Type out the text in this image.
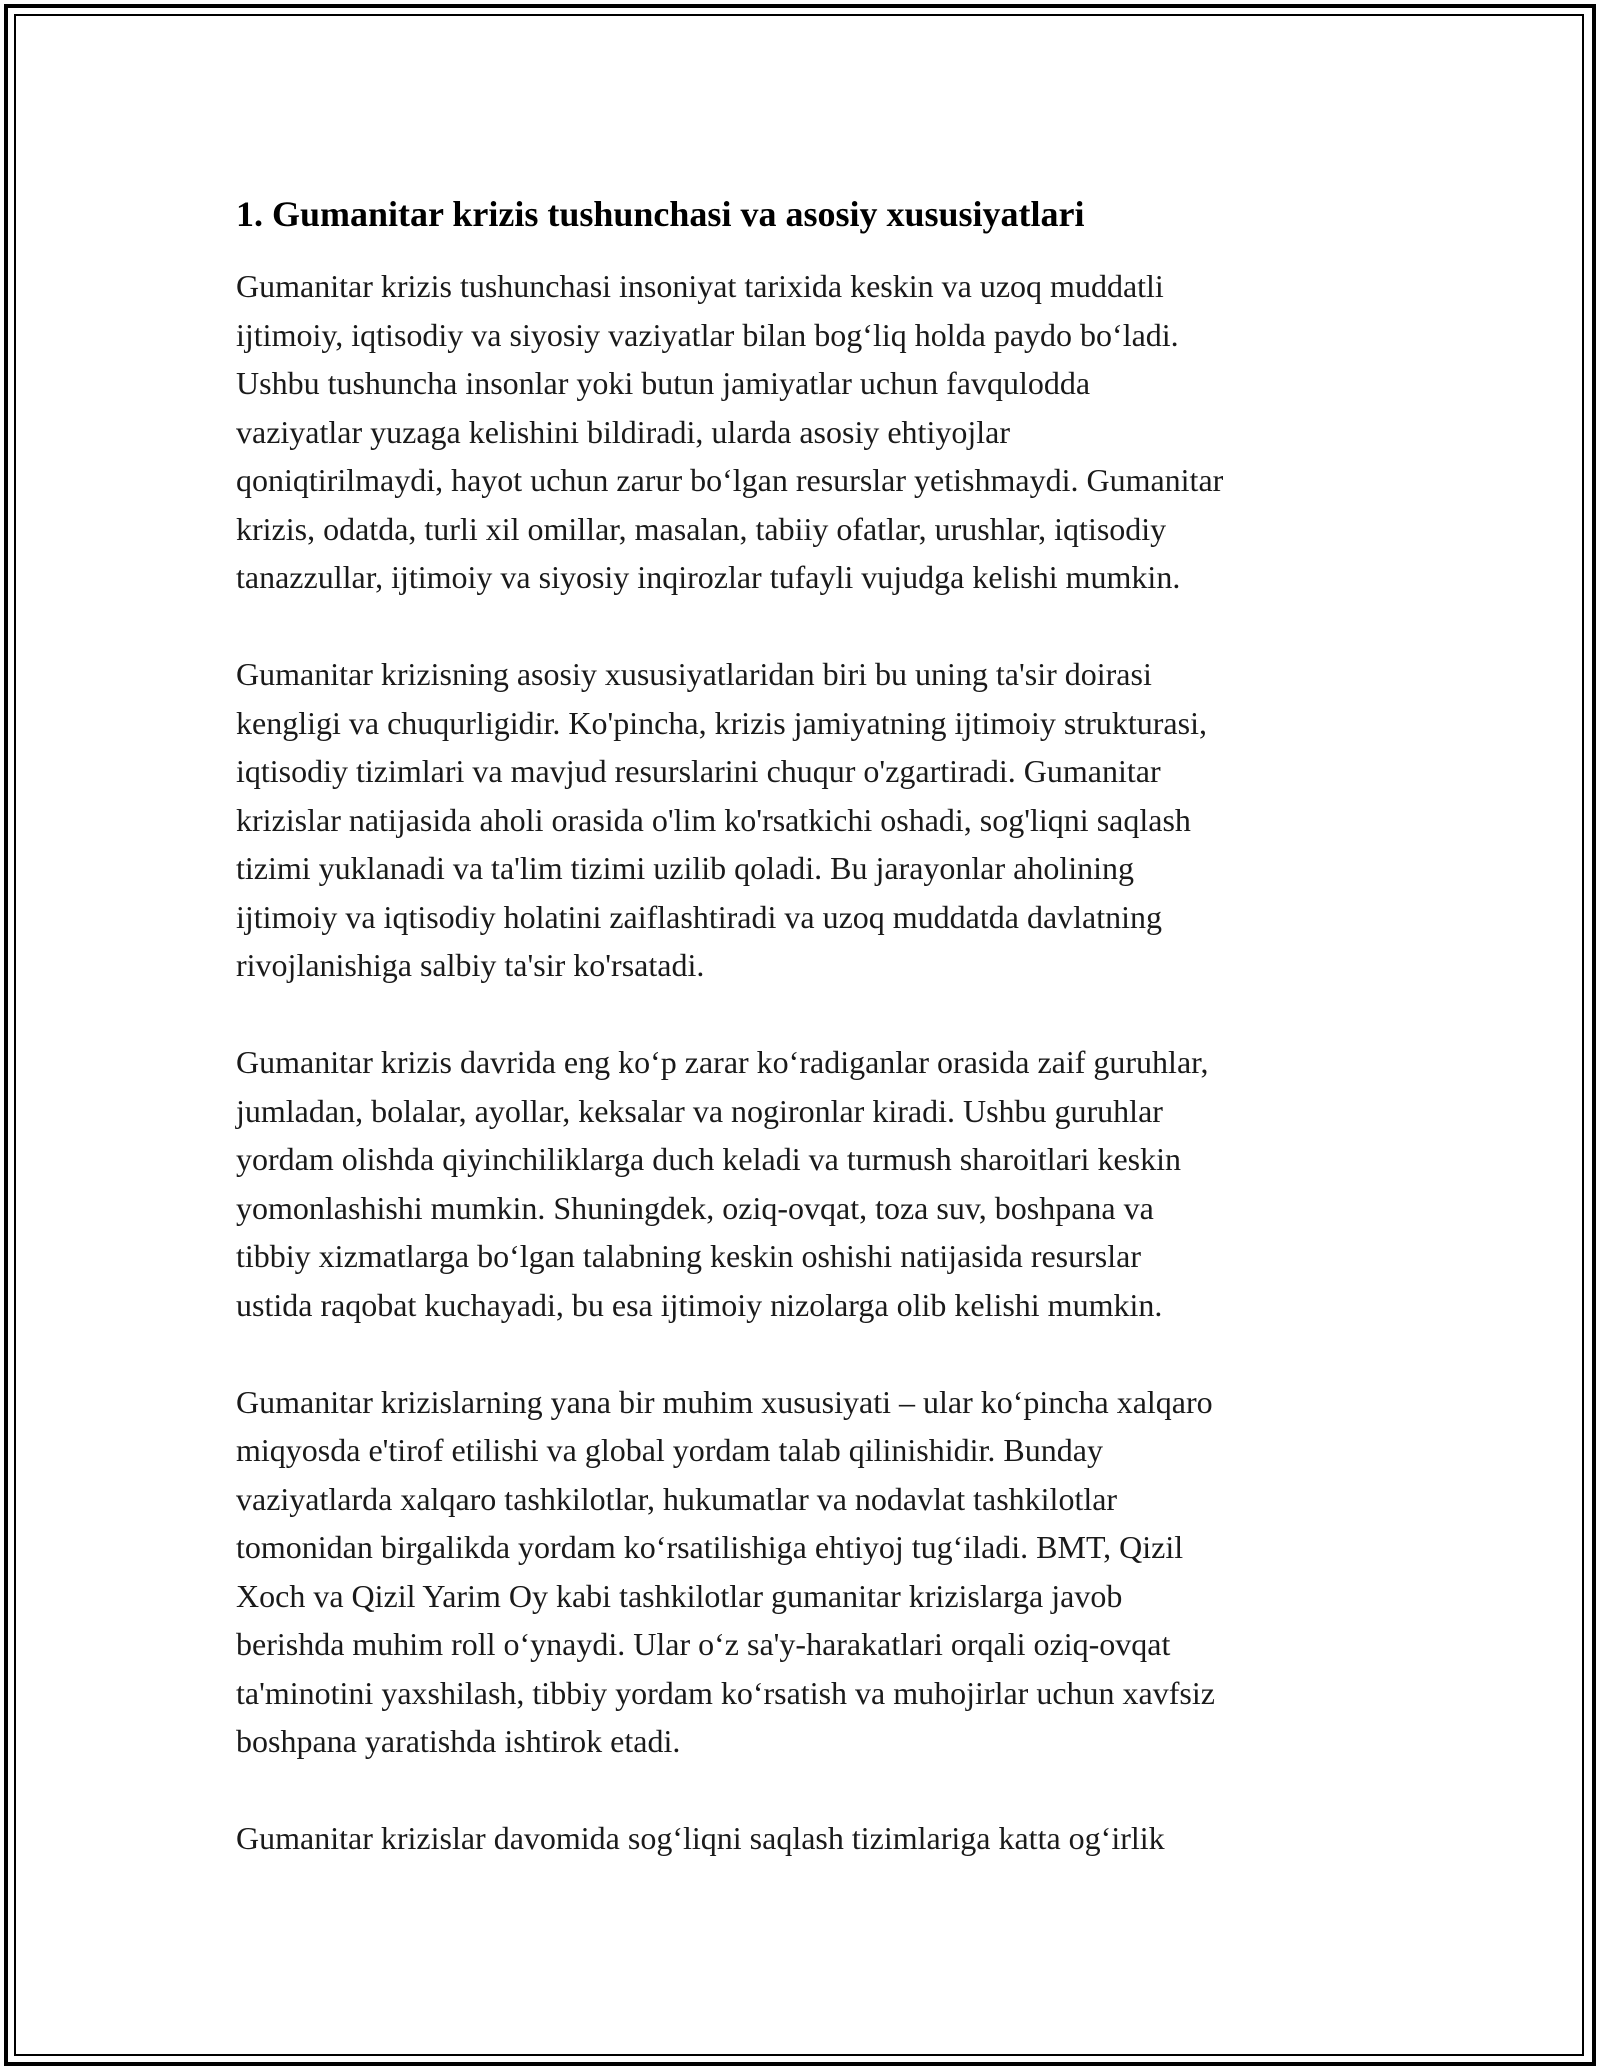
1. Gumanitar krizis tushunchasi va asosiy xususiyatlari

Gumanitar krizis tushunchasi insoniyat tarixida keskin va uzoq muddatli
ijtimoiy, iqtisodiy va siyosiy vaziyatlar bilan bog‘liq holda paydo bo‘ladi.
Ushbu tushuncha insonlar yoki butun jamiyatlar uchun favqulodda
vaziyatlar yuzaga kelishini bildiradi, ularda asosiy ehtiyojlar
qoniqtirilmaydi, hayot uchun zarur bo‘lgan resurslar yetishmaydi. Gumanitar
krizis, odatda, turli xil omillar, masalan, tabiiy ofatlar, urushlar, iqtisodiy
tanazzullar, ijtimoiy va siyosiy inqirozlar tufayli vujudga kelishi mumkin.

Gumanitar krizisning asosiy xususiyatlaridan biri bu uning ta'sir doirasi
kengligi va chuqurligidir. Ko'pincha, krizis jamiyatning ijtimoiy strukturasi,
iqtisodiy tizimlari va mavjud resurslarini chuqur o'zgartiradi. Gumanitar
krizislar natijasida aholi orasida o'lim ko'rsatkichi oshadi, sog'liqni saqlash
tizimi yuklanadi va ta'lim tizimi uzilib qoladi. Bu jarayonlar aholining
ijtimoiy va iqtisodiy holatini zaiflashtiradi va uzoq muddatda davlatning
rivojlanishiga salbiy ta'sir ko'rsatadi.

Gumanitar krizis davrida eng ko‘p zarar ko‘radiganlar orasida zaif guruhlar,
jumladan, bolalar, ayollar, keksalar va nogironlar kiradi. Ushbu guruhlar
yordam olishda qiyinchiliklarga duch keladi va turmush sharoitlari keskin
yomonlashishi mumkin. Shuningdek, oziq-ovqat, toza suv, boshpana va
tibbiy xizmatlarga bo‘lgan talabning keskin oshishi natijasida resurslar
ustida raqobat kuchayadi, bu esa ijtimoiy nizolarga olib kelishi mumkin.

Gumanitar krizislarning yana bir muhim xususiyati – ular ko‘pincha xalqaro
miqyosda e'tirof etilishi va global yordam talab qilinishidir. Bunday
vaziyatlarda xalqaro tashkilotlar, hukumatlar va nodavlat tashkilotlar
tomonidan birgalikda yordam ko‘rsatilishiga ehtiyoj tug‘iladi. BMT, Qizil
Xoch va Qizil Yarim Oy kabi tashkilotlar gumanitar krizislarga javob
berishda muhim roll o‘ynaydi. Ular o‘z sa'y-harakatlari orqali oziq-ovqat
ta'minotini yaxshilash, tibbiy yordam ko‘rsatish va muhojirlar uchun xavfsiz
boshpana yaratishda ishtirok etadi.

Gumanitar krizislar davomida sog‘liqni saqlash tizimlariga katta og‘irlik
